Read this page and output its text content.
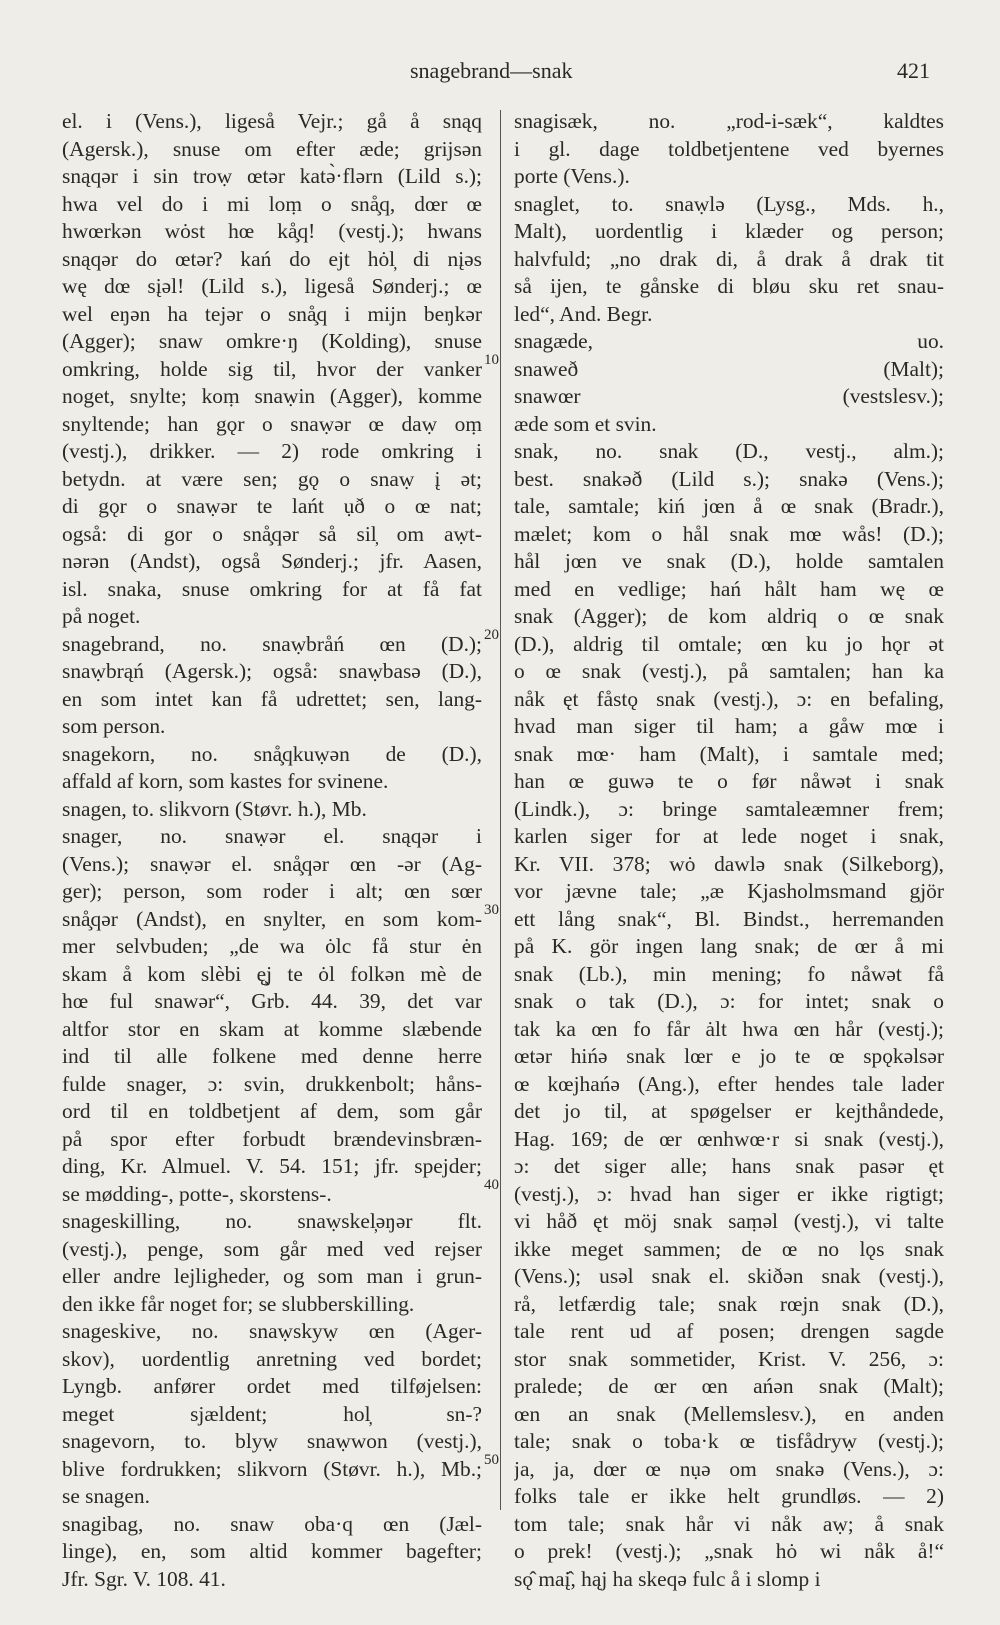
snagebrand—snak	421
10
20
30
40
50
el. i (Vens.), ligeså Vejr.; gå å snąq
(Agersk.), snuse om efter æde; grijsən
snąqər i sin troẉ œtər katə̀·flərn (Lild s.);
hwa vel do i mi loṃ o snå̧q, dœr œ
hwœrkən wȯst hœ kå̧q! (vestj.); hwans
snąqər do œtər? kań do ejt hȯl̦ di nįəs
wę dœ sįəl! (Lild s.), ligeså Sønderj.; œ
wel eŋən ha tejər o snå̧q i mijn beŋkər
(Agger); snaw omkre·ŋ (Kolding), snuse
omkring, holde sig til, hvor der vanker
noget, snylte; koṃ snaẉin (Agger), komme
snyltende; han gǫr o snaẉər œ daẉ oṃ
(vestj.), drikker. — 2) rode omkring i
betydn. at være sen; gǫ o snaẉ į ət;
di gǫr o snaẉər te lańt ụð o œ nat;
også: di gor o snå̧qər så sil̦ om aẉt-
nərən (Andst), også Sønderj.; jfr. Aasen,
isl. snaka, snuse omkring for at få fat
på noget.
snagebrand, no. snaẉbråń œn (D.);
snaẉbrąń (Agersk.); også: snaẉbasə (D.),
en som intet kan få udrettet; sen, lang-
som person.
snagekorn, no. snå̧qkuẉən de (D.),
affald af korn, som kastes for svinene.
snagen, to. slikvorn (Støvr. h.), Mb.
snager, no. snaẉər el. snąqər i
(Vens.); snaẉər el. snå̧qər œn -ər (Ag-
ger); person, som roder i alt; œn sœr
snå̧qər (Andst), en snylter, en som kom-
mer selvbuden; „de wa ȯlc få stur ėn
skam å kom slèbi ę̧j te ȯl folkən mè de
hœ ful snawər“, Grb. 44. 39, det var
altfor stor en skam at komme slæbende
ind til alle folkene med denne herre
fulde snager, ɔ: svin, drukkenbolt; håns-
ord til en toldbetjent af dem, som går
på spor efter forbudt brændevinsbræn-
ding, Kr. Almuel. V. 54. 151; jfr. spejder;
se mødding-, potte-, skorstens-.
snageskilling, no. snaẉskel̦əŋər flt.
(vestj.), penge, som går med ved rejser
eller andre lejligheder, og som man i grun-
den ikke får noget for; se slubberskilling.
snageskive, no. snaẉskyẉ œn (Ager-
skov), uordentlig anretning ved bordet;
Lyngb. anfører ordet med tilføjelsen:
meget sjældent; hol̦ sn-?
snagevorn, to. blyẉ snaẉwon (vestj.),
blive fordrukken; slikvorn (Støvr. h.), Mb.;
se snagen.
snagibag, no. snaw oba·q œn (Jæl-
linge), en, som altid kommer bagefter;
Jfr. Sgr. V. 108. 41.
snagisæk, no. „rod-i-sæk“, kaldtes
i gl. dage toldbetjentene ved byernes
porte (Vens.).
snaglet, to. snaẉlə (Lysg., Mds. h.,
Malt), uordentlig i klæder og person;
halvfuld; „no drak di, å drak å drak tit
så ijen, te gånske di bløu sku ret snau-
led“, And. Begr.
snagæde, uo.
snaweð (Malt);
snawœr (vestslesv.);
æde som et svin.
snak, no. snak (D., vestj., alm.);
best. snakəð (Lild s.); snakə (Vens.);
tale, samtale; kiń jœn å œ snak (Bradr.),
mælet; kom o hål snak mœ wås! (D.);
hål jœn ve snak (D.), holde samtalen
med en vedlige; hań hålt ham wę œ
snak (Agger); de kom aldriq o œ snak
(D.), aldrig til omtale; œn ku jo hǫr ət
o œ snak (vestj.), på samtalen; han ka
nåk ęt fåstǫ snak (vestj.), ɔ: en befaling,
hvad man siger til ham; a gåw mœ i
snak mœ· ham (Malt), i samtale med;
han œ guwə te o før nåwət i snak
(Lindk.), ɔ: bringe samtaleæmner frem;
karlen siger for at lede noget i snak,
Kr. VII. 378; wȯ dawlə snak (Silkeborg),
vor jævne tale; „æ Kjasholmsmand gjör
ett lång snak“, Bl. Bindst., herremanden
på K. gör ingen lang snak; de œr å mi
snak (Lb.), min mening; fo nåwət få
snak o tak (D.), ɔ: for intet; snak o
tak ka œn fo får ȧlt hwa œn hår (vestj.);
œtər hińə snak lœr e jo te œ spǫkəlsər
œ kœjhańə (Ang.), efter hendes tale lader
det jo til, at spøgelser er kejthåndede,
Hag. 169; de œr œnhwœ·r si snak (vestj.),
ɔ: det siger alle; hans snak pasər ęt
(vestj.), ɔ: hvad han siger er ikke rigtigt;
vi håð ęt möj snak saṃəl (vestj.), vi talte
ikke meget sammen; de œ no lǫs snak
(Vens.); usəl snak el. skiðən snak (vestj.),
rå, letfærdig tale; snak rœjn snak (D.),
tale rent ud af posen; drengen sagde
stor snak sommetider, Krist. V. 256, ɔ:
pralede; de œr œn ańən snak (Malt);
œn an snak (Mellemslesv.), en anden
tale; snak o toba·k œ tisfådryẉ (vestj.);
ja, ja, dœr œ nụə om snakə (Vens.), ɔ:
folks tale er ikke helt grundløs. — 2)
tom tale; snak hår vi nåk aẉ; å snak
o prek! (vestj.); „snak hȯ wi nåk å!“
sǫ̂ maį̂, hąj ha skeqə fulc å i slomp i
